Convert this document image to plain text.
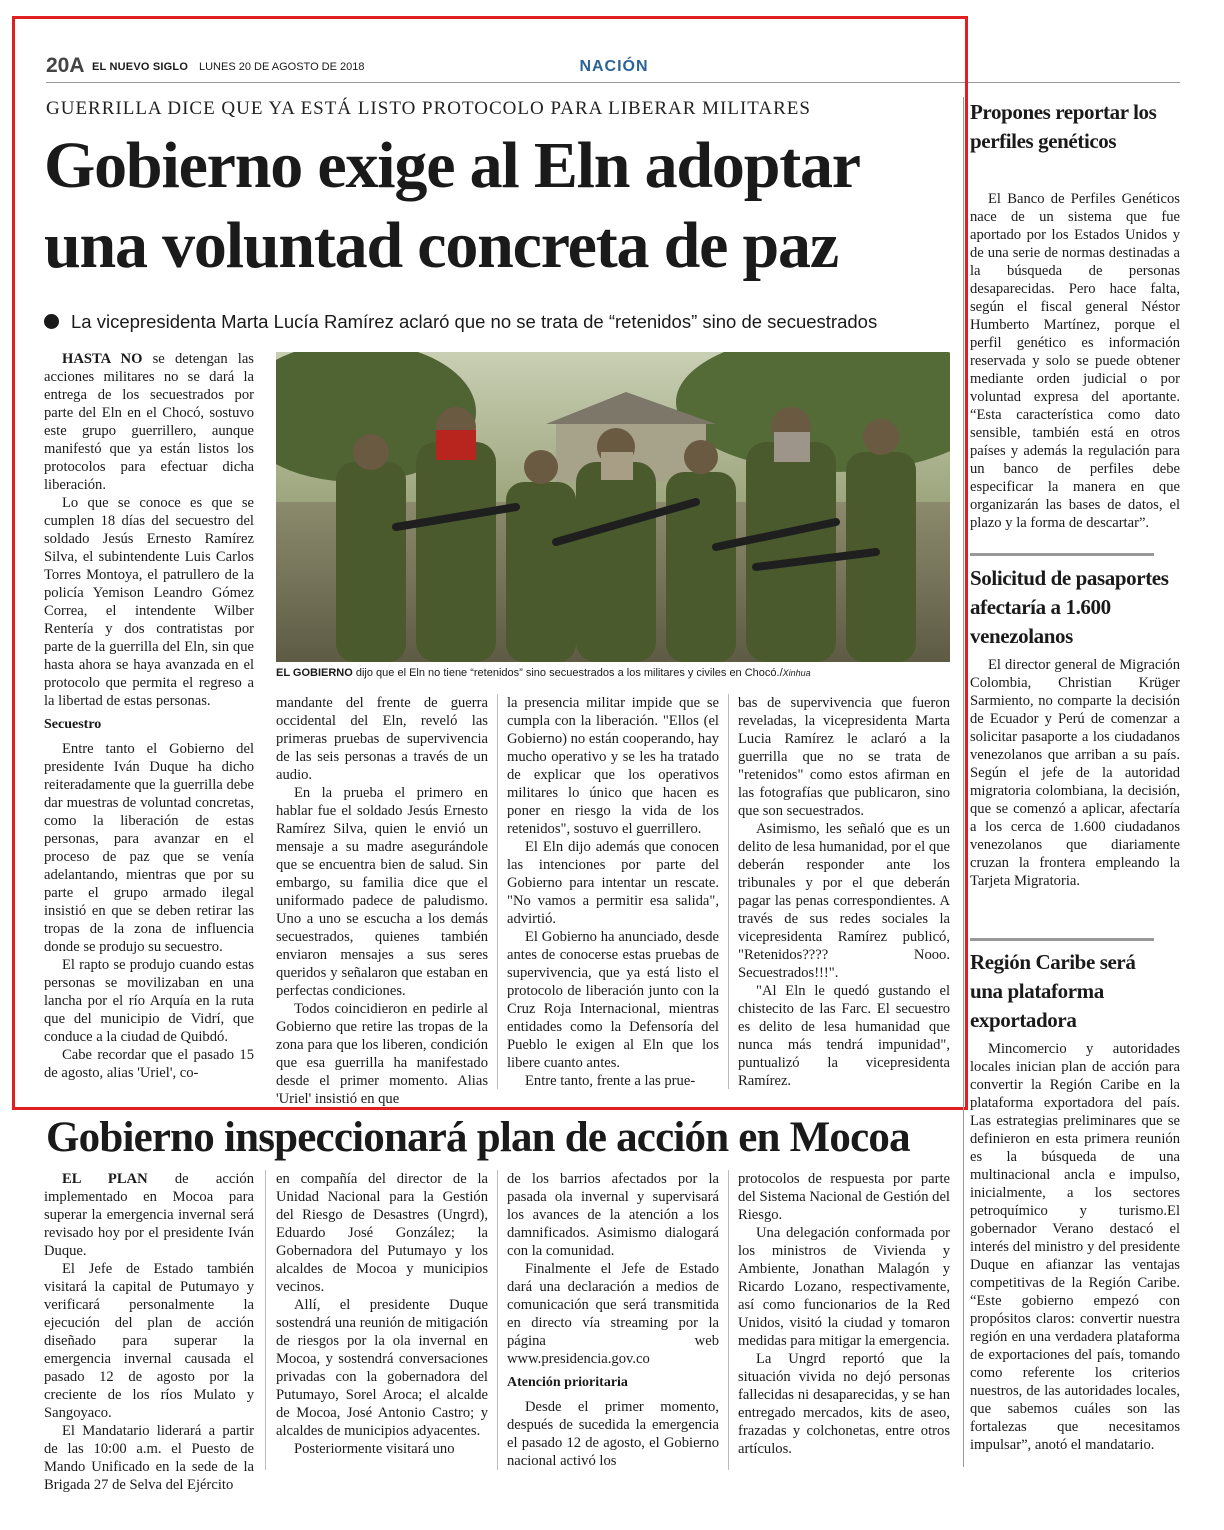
20A EL NUEVO SIGLO LUNES 20 DE AGOSTO DE 2018	NACIÓN
GUERRILLA DICE QUE YA ESTÁ LISTO PROTOCOLO PARA LIBERAR MILITARES
Gobierno exige al Eln adoptar
una voluntad concreta de paz
La vicepresidenta Marta Lucía Ramírez aclaró que no se trata de “retenidos” sino de secuestrados

HASTA NO se detengan las acciones militares no se dará la entrega de los secuestrados por parte del Eln en el Chocó, sostuvo este grupo guerrillero, aunque manifestó que ya están listos los protocolos para efectuar dicha liberación.

Lo que se conoce es que se cumplen 18 días del secuestro del soldado Jesús Ernesto Ramírez Silva, el subintendente Luis Carlos Torres Montoya, el patrullero de la policía Yemison Leandro Gómez Correa, el intendente Wilber Rentería y dos contratistas por parte de la guerrilla del Eln, sin que hasta ahora se haya avanzada en el protocolo que permita el regreso a la libertad de estas personas.

Secuestro

Entre tanto el Gobierno del presidente Iván Duque ha dicho reiteradamente que la guerrilla debe dar muestras de voluntad concretas, como la liberación de estas personas, para avanzar en el proceso de paz que se venía adelantando, mientras que por su parte el grupo armado ilegal insistió en que se deben retirar las tropas de la zona de influencia donde se produjo su secuestro.

El rapto se produjo cuando estas personas se movilizaban en una lancha por el río Arquía en la ruta que del municipio de Vidrí, que conduce a la ciudad de Quibdó.

Cabe recordar que el pasado 15 de agosto, alias 'Uriel', co-

EL GOBIERNO dijo que el Eln no tiene “retenidos” sino secuestrados a los militares y civiles en Chocó./Xinhua

mandante del frente de guerra occidental del Eln, reveló las primeras pruebas de supervivencia de las seis personas a través de un audio.

En la prueba el primero en hablar fue el soldado Jesús Ernesto Ramírez Silva, quien le envió un mensaje a su madre asegurándole que se encuentra bien de salud. Sin embargo, su familia dice que el uniformado padece de paludismo. Uno a uno se escucha a los demás secuestrados, quienes también enviaron mensajes a sus seres queridos y señalaron que estaban en perfectas condiciones.

Todos coincidieron en pedirle al Gobierno que retire las tropas de la zona para que los liberen, condición que esa guerrilla ha manifestado desde el primer momento. Alias 'Uriel' insistió en que

la presencia militar impide que se cumpla con la liberación. "Ellos (el Gobierno) no están cooperando, hay mucho operativo y se les ha tratado de explicar que los operativos militares lo único que hacen es poner en riesgo la vida de los retenidos", sostuvo el guerrillero.

El Eln dijo además que conocen las intenciones por parte del Gobierno para intentar un rescate. "No vamos a permitir esa salida", advirtió.

El Gobierno ha anunciado, desde antes de conocerse estas pruebas de supervivencia, que ya está listo el protocolo de liberación junto con la Cruz Roja Internacional, mientras entidades como la Defensoría del Pueblo le exigen al Eln que los libere cuanto antes.

Entre tanto, frente a las prue-

bas de supervivencia que fueron reveladas, la vicepresidenta Marta Lucia Ramírez le aclaró a la guerrilla que no se trata de "retenidos" como estos afirman en las fotografías que publicaron, sino que son secuestrados.

Asimismo, les señaló que es un delito de lesa humanidad, por el que deberán responder ante los tribunales y por el que deberán pagar las penas correspondientes. A través de sus redes sociales la vicepresidenta Ramírez publicó, "Retenidos???? Nooo. Secuestrados!!!".

"Al Eln le quedó gustando el chistecito de las Farc. El secuestro es delito de lesa humanidad que nunca más tendrá impunidad", puntualizó la vicepresidenta Ramírez.

Propones reportar los perfiles genéticos

El Banco de Perfiles Genéticos nace de un sistema que fue aportado por los Estados Unidos y de una serie de normas destinadas a la búsqueda de personas desaparecidas. Pero hace falta, según el fiscal general Néstor Humberto Martínez, porque el perfil genético es información reservada y solo se puede obtener mediante orden judicial o por voluntad expresa del aportante. “Esta característica como dato sensible, también está en otros países y además la regulación para un banco de perfiles debe especificar la manera en que organizarán las bases de datos, el plazo y la forma de descartar”.

Solicitud de pasaportes afectaría a 1.600 venezolanos

El director general de Migración Colombia, Christian Krüger Sarmiento, no comparte la decisión de Ecuador y Perú de comenzar a solicitar pasaporte a los ciudadanos venezolanos que arriban a su país. Según el jefe de la autoridad migratoria colombiana, la decisión, que se comenzó a aplicar, afectaría a los cerca de 1.600 ciudadanos venezolanos que diariamente cruzan la frontera empleando la Tarjeta Migratoria.

Región Caribe será una plataforma exportadora

Mincomercio y autoridades locales inician plan de acción para convertir la Región Caribe en la plataforma exportadora del país. Las estrategias preliminares que se definieron en esta primera reunión es la búsqueda de una multinacional ancla e impulso, inicialmente, a los sectores petroquímico y turismo.El gobernador Verano destacó el interés del ministro y del presidente Duque en afianzar las ventajas competitivas de la Región Caribe. “Este gobierno empezó con propósitos claros: convertir nuestra región en una verdadera plataforma de exportaciones del país, tomando como referente los criterios nuestros, de las autoridades locales, que sabemos cuáles son las fortalezas que necesitamos impulsar”, anotó el mandatario.

Gobierno inspeccionará plan de acción en Mocoa

EL PLAN de acción implementado en Mocoa para superar la emergencia invernal será revisado hoy por el presidente Iván Duque.

El Jefe de Estado también visitará la capital de Putumayo y verificará personalmente la ejecución del plan de acción diseñado para superar la emergencia invernal causada el pasado 12 de agosto por la creciente de los ríos Mulato y Sangoyaco.

El Mandatario liderará a partir de las 10:00 a.m. el Puesto de Mando Unificado en la sede de la Brigada 27 de Selva del Ejército

en compañía del director de la Unidad Nacional para la Gestión del Riesgo de Desastres (Ungrd), Eduardo José González; la Gobernadora del Putumayo y los alcaldes de Mocoa y municipios vecinos.

Allí, el presidente Duque sostendrá una reunión de mitigación de riesgos por la ola invernal en Mocoa, y sostendrá conversaciones privadas con la gobernadora del Putumayo, Sorel Aroca; el alcalde de Mocoa, José Antonio Castro; y alcaldes de municipios adyacentes.

Posteriormente visitará uno

de los barrios afectados por la pasada ola invernal y supervisará los avances de la atención a los damnificados. Asimismo dialogará con la comunidad.

Finalmente el Jefe de Estado dará una declaración a medios de comunicación que será transmitida en directo vía streaming por la página web www.presidencia.gov.co

Atención prioritaria

Desde el primer momento, después de sucedida la emergencia el pasado 12 de agosto, el Gobierno nacional activó los

protocolos de respuesta por parte del Sistema Nacional de Gestión del Riesgo.

Una delegación conformada por los ministros de Vivienda y Ambiente, Jonathan Malagón y Ricardo Lozano, respectivamente, así como funcionarios de la Red Unidos, visitó la ciudad y tomaron medidas para mitigar la emergencia.

La Ungrd reportó que la situación vivida no dejó personas fallecidas ni desaparecidas, y se han entregado mercados, kits de aseo, frazadas y colchonetas, entre otros artículos.
